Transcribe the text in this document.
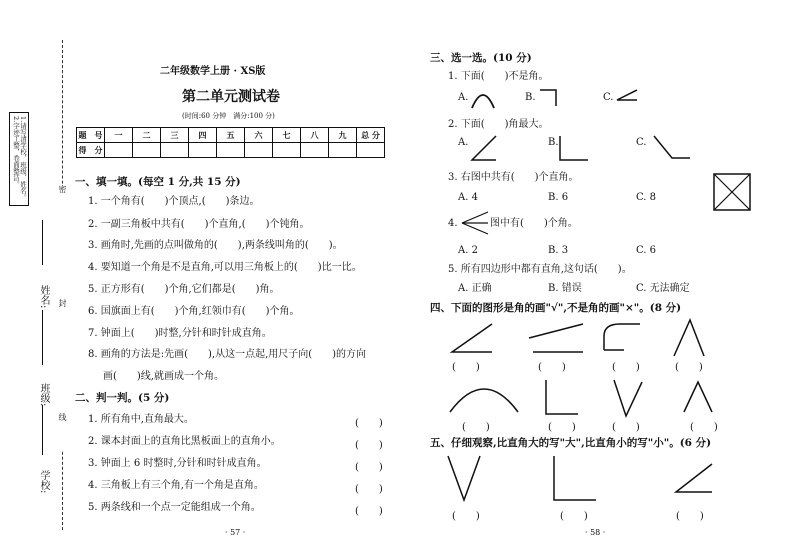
1.请写清学校、班级、姓名。2.字迹工整，卷面整洁。
密　　封　　线
姓名:
班级:
学校:
二年级数学上册 · XS版
第二单元测试卷
(时间:60 分钟　满分:100 分)
题　号	一	二	三	四	五	六	七	八	九	总 分
得　分										
一、填一填。(每空 1 分,共 15 分)
1. 一个角有(　　)个顶点,(　　)条边。
2. 一副三角板中共有(　　)个直角,(　　)个钝角。
3. 画角时,先画的点叫做角的(　　),两条线叫角的(　　)。
4. 要知道一个角是不是直角,可以用三角板上的(　　)比一比。
5. 正方形有(　　)个角,它们都是(　　)角。
6. 国旗面上有(　　)个角,红领巾有(　　)个角。
7. 钟面上(　　)时整,分针和时针成直角。
8. 画角的方法是:先画(　　),从这一点起,用尺子向(　　)的方向
画(　　)线,就画成一个角。
二、判一判。(5 分)
1. 所有角中,直角最大。	(　　)
2. 课本封面上的直角比黑板面上的直角小。	(　　)
3. 钟面上 6 时整时,分针和时针成直角。	(　　)
4. 三角板上有三个角,有一个角是直角。	(　　)
5. 两条线和一个点一定能组成一个角。	(　　)
· 57 ·
三、选一选。(10 分)
1. 下面(　　)不是角。
A.	B.	C.
2. 下面(　　)角最大。
A.	B.	C.
3. 右图中共有(　　)个直角。
A. 4	B. 6	C. 8
4.	图中有(　　)个角。
A. 2	B. 3	C. 6
5. 所有四边形中都有直角,这句话(　　)。
A. 正确	B. 错误	C. 无法确定
四、下面的图形是角的画"√",不是角的画"×"。(8 分)
(　　)	(　　)	(　　)	(　　)
(　　)	(　　)	(　　)	(　　)
五、仔细观察,比直角大的写"大",比直角小的写"小"。(6 分)
(　　)	(　　)	(　　)
· 58 ·
